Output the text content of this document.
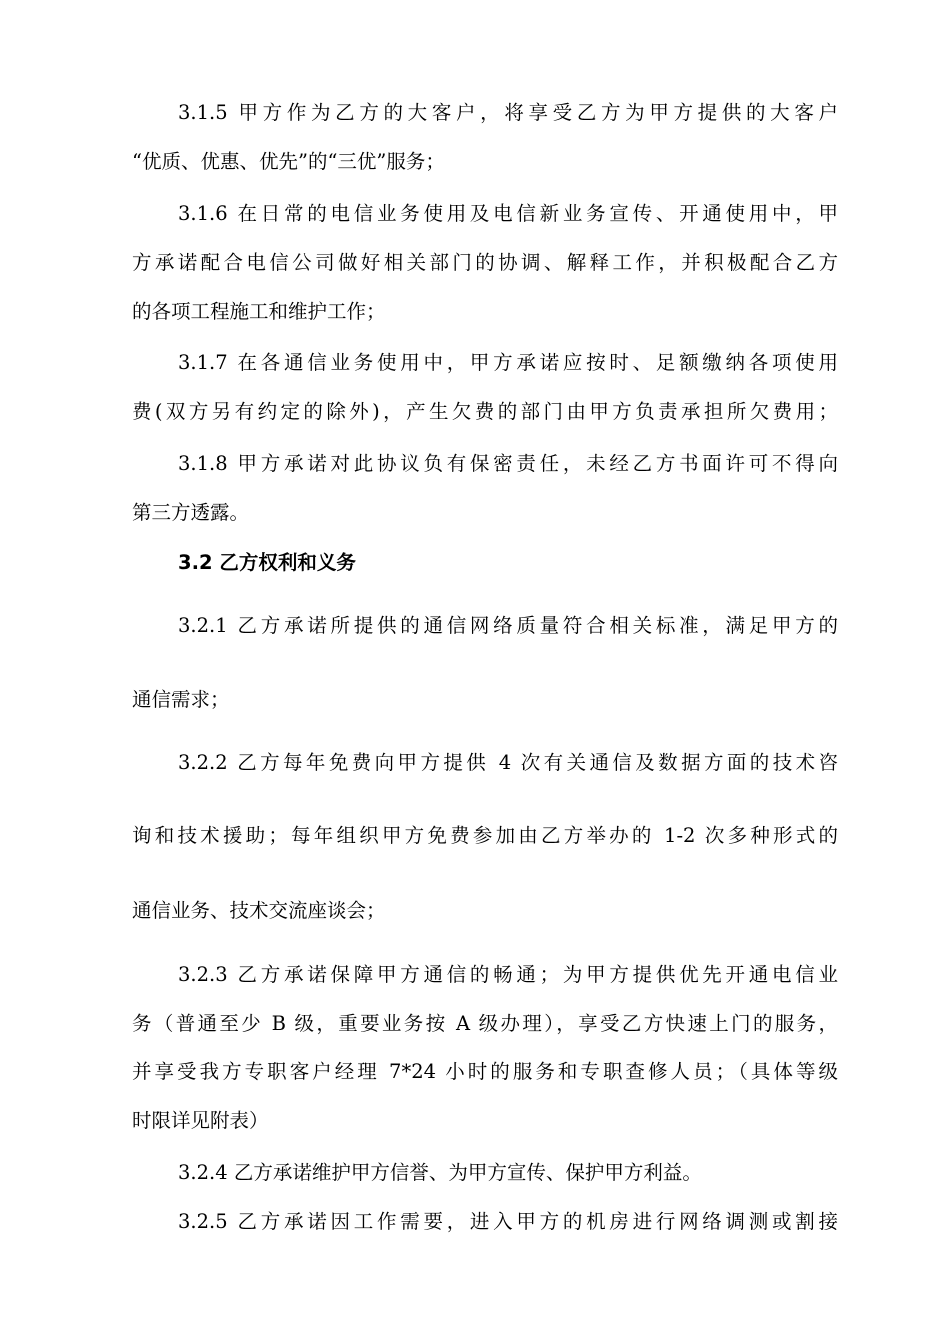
3.1.5 甲方作为乙方的大客户，将享受乙方为甲方提供的大客户
“优质、优惠、优先”的“三优”服务；
3.1.6 在日常的电信业务使用及电信新业务宣传、开通使用中，甲
方承诺配合电信公司做好相关部门的协调、解释工作，并积极配合乙方
的各项工程施工和维护工作；
3.1.7 在各通信业务使用中，甲方承诺应按时、足额缴纳各项使用
费(双方另有约定的除外)，产生欠费的部门由甲方负责承担所欠费用；
3.1.8 甲方承诺对此协议负有保密责任，未经乙方书面许可不得向
第三方透露。
3.2 乙方权利和义务
3.2.1 乙方承诺所提供的通信网络质量符合相关标准，满足甲方的
通信需求；
3.2.2 乙方每年免费向甲方提供 4 次有关通信及数据方面的技术咨
询和技术援助；每年组织甲方免费参加由乙方举办的 1-2 次多种形式的
通信业务、技术交流座谈会；
3.2.3 乙方承诺保障甲方通信的畅通；为甲方提供优先开通电信业
务（普通至少 B 级，重要业务按 A 级办理），享受乙方快速上门的服务，
并享受我方专职客户经理 7*24 小时的服务和专职查修人员；（具体等级
时限详见附表）
3.2.4 乙方承诺维护甲方信誉、为甲方宣传、保护甲方利益。
3.2.5 乙方承诺因工作需要，进入甲方的机房进行网络调测或割接
